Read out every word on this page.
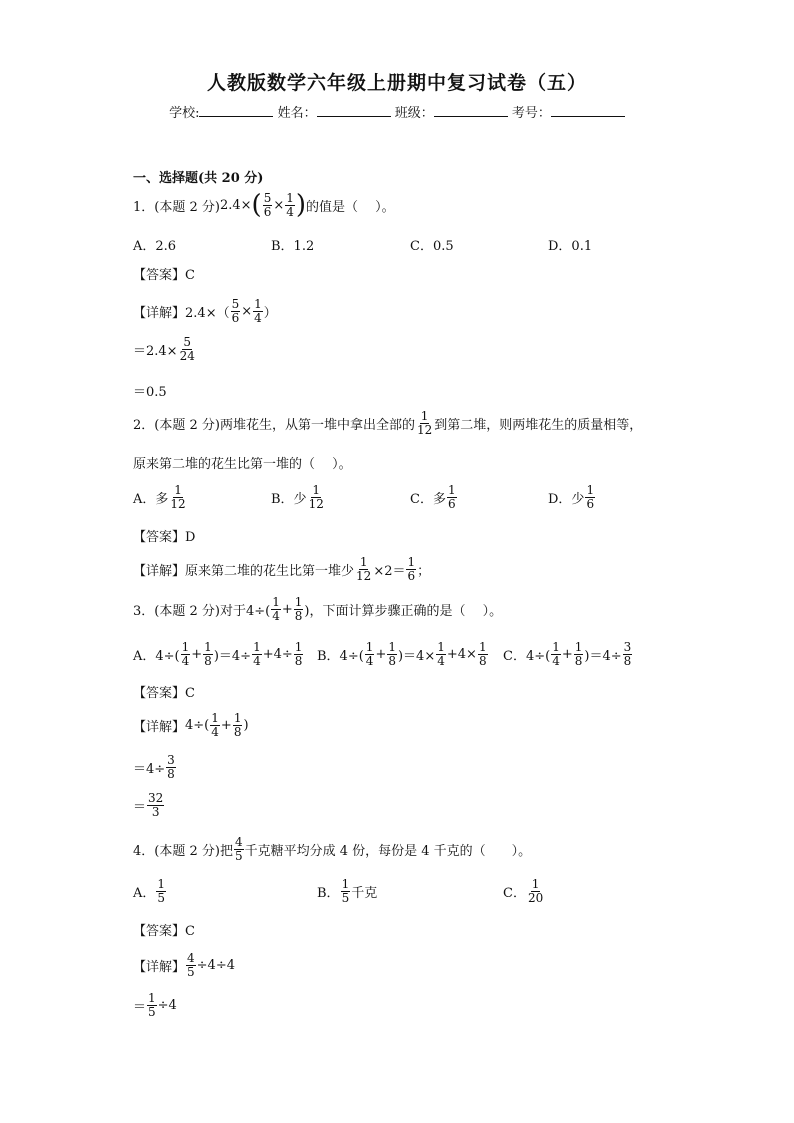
人教版数学六年级上册期中复习试卷（五）
学校:	姓名：	班级：	考号：
一、选择题(共 20 分)
1．(本题 2 分) 2.4× ( $\frac{5}{6} \times \frac{1}{4}$ ) 的值是（　 ）。
A．2.6	B．1.2	C．0.5	D．0.1
【答案】C
【详解】 $2.4\times( \frac{5}{6} \times \frac{1}{4}$ ）
$=2.4\times \frac{5}{24}$
＝0.5
2．(本题 2 分)两堆花生，从第一堆中拿出全部的
1
12 到第二堆，则两堆花生的质量相等，
原来第二堆的花生比第一堆的（　 ）。
A．多
1
12	B．少
1
12	C．多
1
6	D．少
1
6
【答案】D
【详解】 原来第二堆的花生比第一堆少 $\frac{1}{12} \times 2=$
1
6 ；
3．(本题 2 分)对于4÷(
1
$4 + \frac{1}{8}$ )，下面计算步骤正确的是（　 ）。
A．4÷(
1
$4 + \frac{1}{8} )=4\div \frac{1}{4} +4\div \frac{1}{8}$ B．4÷(
1
$4 + \frac{1}{8} )=4\times \frac{1}{4} +4\times \frac{1}{8}$ C．4÷(
1
$4 + \frac{1}{8} )=4\div \frac{3}{8}$
【答案】C
【详解】 4÷( 1
$4 + \frac{1}{8}$ )
$=4\div \frac{3}{8}$
＝
32
3
4．(本题 2 分)把
4
5 千克糖平均分成 4 份，每份是 4 千克的（　　）。
A．
1
5	B．
1
5 千克	C．
1
20
【答案】C
【详解】 $\frac{4}{5} \div 4\div 4$
＝ $\frac{1}{5} \div 4$
